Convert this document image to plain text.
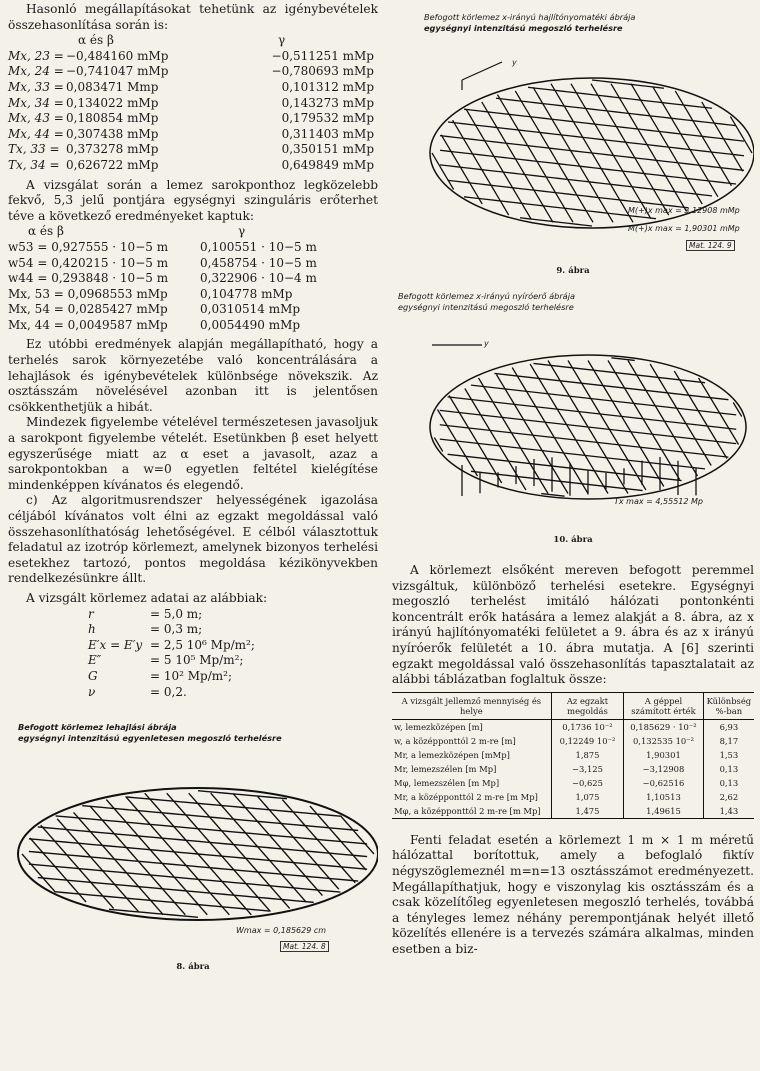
Hasonló megállapításokat tehetünk az igénybevételek összehasonlítása során is:

α és β	γ
Mx, 23 = −0,484160 mMp	−0,511251 mMp
Mx, 24 = −0,741047 mMp	−0,780693 mMp
Mx, 33 = 0,083471 Mmp	0,101312 mMp
Mx, 34 = 0,134022 mMp	0,143273 mMp
Mx, 43 = 0,180854 mMp	0,179532 mMp
Mx, 44 = 0,307438 mMp	0,311403 mMp
Tx, 33 = 0,373278 mMp	0,350151 mMp
Tx, 34 = 0,626722 mMp	0,649849 mMp

A vizsgálat során a lemez sarokponthoz legközelebb fekvő, 5,3 jelű pontjára egységnyi szinguláris erőterhet téve a következő eredményeket kaptuk:

α és β	γ
w53 = 0,927555 · 10−5 m	0,100551 · 10−5 m
w54 = 0,420215 · 10−5 m	0,458754 · 10−5 m
w44 = 0,293848 · 10−5 m	0,322906 · 10−4 m
Mx, 53 = 0,0968553 mMp	0,104778 mMp
Mx, 54 = 0,0285427 mMp	0,0310514 mMp
Mx, 44 = 0,0049587 mMp	0,0054490 mMp

Ez utóbbi eredmények alapján megállapítható, hogy a terhelés sarok környezetébe való koncentrálására a lehajlások és igénybevételek különbsége növekszik. Az osztásszám növelésével azonban itt is jelentősen csökkenthetjük a hibát.

Mindezek figyelembe vételével természetesen javasoljuk a sarokpont figyelembe vételét. Esetünkben β eset helyett egyszerűsége miatt az α eset a javasolt, azaz a sarokpontokban a w=0 egyetlen feltétel kielégítése mindenképpen kívánatos és elegendő.

c) Az algoritmusrendszer helyességének igazolása céljából kívánatos volt élni az egzakt megoldással való összehasonlíthatóság lehetőségével. E célból választottuk feladatul az izotróp körlemezt, amelynek bizonyos terhelési esetekhez tartozó, pontos megoldása kézikönyvekben rendelkezésünkre állt.

A vizsgált körlemez adatai az alábbiak:

r	= 5,0 m;
h	= 0,3 m;
E′x = E′y = 2,5 10⁶ Mp/m²;
E″	= 5 10⁵ Mp/m²;
G	= 10² Mp/m²;
ν	= 0,2.
Befogott körlemez lehajlási ábrája
egységnyi intenzitású egyenletesen megoszló terhelésre
Wmax = 0,185629 cm
Mat. 124. 8
8. ábra
Befogott körlemez x-irányú hajlítónyomatéki ábrája
egységnyi intenzitású megoszló terhelésre
y
M(+)x max = 3,12908 mMp
M(+)x max = 1,90301 mMp
Mat. 124. 9
9. ábra
Befogott körlemez x-irányú nyíróerő ábrája
egységnyi intenzitású megoszló terhelésre
y
Tx max = 4,55512 Mp
10. ábra

A körlemezt elsőként mereven befogott peremmel vizsgáltuk, különböző terhelési esetekre. Egységnyi megoszló terhelést imitáló hálózati pontonkénti koncentrált erők hatására a lemez alakját a 8. ábra, az x irányú hajlítónyomatéki felületet a 9. ábra és az x irányú nyíróerők felületét a 10. ábra mutatja. A [6] szerinti egzakt megoldással való összehasonlítás tapasztalatait az alábbi táblázatban foglaltuk össze:

A vizsgált jellemző mennyiség és helye	Az egzakt megoldás	A géppel számított érték	Különbség %-ban
w, lemezközépen [m]	0,1736 10⁻²	0,185629 · 10⁻²	6,93
w, a középponttól 2 m-re [m]	0,12249 10⁻²	0,132535 10⁻²	8,17
Mr, a lemezközépen [mMp]	1,875	1,90301	1,53
Mr, lemezszélen [m Mp]	−3,125	−3,12908	0,13
Mφ, lemezszélen [m Mp]	−0,625	−0,62516	0,13
Mr, a középponttól 2 m-re [m Mp]	1,075	1,10513	2,62
Mφ, a középponttól 2 m-re [m Mp]	1,475	1,49615	1,43

Fenti feladat esetén a körlemezt 1 m × 1 m méretű hálózattal borítottuk, amely a befoglaló fiktív négyszöglemeznél m=n=13 osztásszámot eredményezett. Megállapíthatjuk, hogy e viszonylag kis osztásszám és a csak közelítőleg egyenletesen megoszló terhelés, továbbá a tényleges lemez néhány perempontjának helyét illető közelítés ellenére is a tervezés számára alkalmas, minden esetben a biz-
